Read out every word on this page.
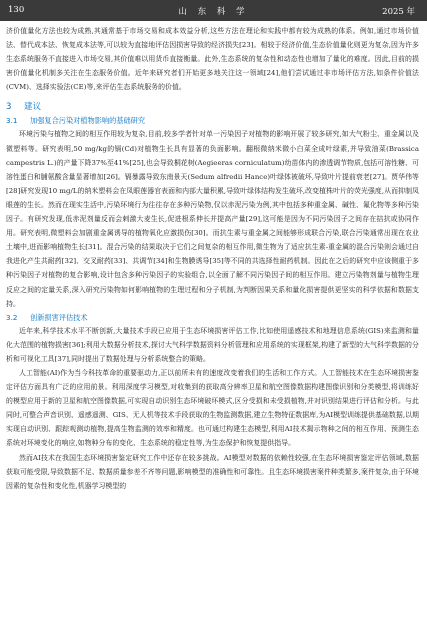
130	山 东 科 学	2025 年

济价值量化方法也较为成熟,其通常基于市场交易和成本效益分析,这些方法在理论和实践中都有较为成熟的体系。例如,通过市场价值法、替代成本法、恢复成本法等,可以较为直接地评估因损害导致的经济损失[23]。相较于经济价值,生态价值量化则更为复杂,因为许多生态系统服务不直接进入市场交易,其价值难以用货币直接衡量。此外,生态系统的复杂性和动态性也增加了量化的难度。因此,目前的损害价值量化机制多关注在生态服务价值。近年来研究者们开始更多地关注这一领域[24],他们尝试通过非市场评估方法,如条件价值法(CVM)、选择实验法(CE)等,来评估生态系统服务的价值。

3 建议
3.1 加强复合污染对植物影响的基础研究

环境污染与植物之间的相互作用较为复杂,目前,较多学者针对单一污染因子对植物的影响开展了较多研究,如大气粉尘、重金属以及微塑料等。研究表明,50 mg/kg的镉(Cd)对植物生长具有显著的负面影响。翻根微纳米微小白菜全成叶绿素,并导致油菜(Brassica campestris L.)的产量下降37%至41%[25],也会导致桐花树(Aegieeras corniculatum)幼苗体内的渗透调节物质,包括可溶性糖、可溶性蛋白和脯氨酸含量显著增加[26]。镉暴露导致东南景天(Sedum alfredii Hance)叶绿体被破坏,导致叶片提前衰老[27]。贾华伟等[28]研究发现10 mg/L的纳米塑料会在凤眼莲器官表面和内部大量积累,导致叶绿体结构发生破坏,改变植株叶片的荧光强度,从而抑制凤眼莲的生长。然而在现实生活中,污染环境行为往往存在多种污染物,仅以赤泥污染为例,其中包括多种重金属、碱性、氟化物等多种污染因子。有研究发现,低赤泥剂量反而会刺激大麦生长,促进根系伸长并提高产量[29],这可能是因为不同污染因子之间存在拮抗或协同作用。研究表明,微塑料会加剧重金属诱导的植物氧化应激损伤[30]。而抗生素与重金属之间能够形成联合污染,联合污染通常出现在农业土壤中,进而影响植物生长[31]。混合污染的结果取决于它们之间复杂的相互作用,微生物为了适应抗生素-重金属的混合污染则会通过自我进化产生共耐药[32]、交叉耐药[33]、共调节[34]和生物膜诱导[35]等不同的共选择性耐药机制。因此在之后的研究中应该侧重于多种污染因子对植物的复合影响,设计包含多种污染因子的实验组合,以全面了解不同污染因子间的相互作用。建立污染物剂量与植物生理反应之间的定量关系,深入研究污染物如何影响植物的生理过程和分子机制,为判断因果关系和量化损害提供更坚实的科学依据和数据支持。

3.2 创新损害评估技术

近年来,科学技术水平不断创新,大量技术手段已应用于生态环境损害评估工作,比如使用遥感技术和地理信息系统(GIS)来监测和量化大范围的植物损害[36];利用大数据分析技术,探讨大气科学数据资料分析管理和应用系统的实现框架,构建了新型的大气科学数据的分析和可视化工具[37],同时提出了数据处理与分析系统整合的策略。

人工智能(AI)作为当今科技革命的重要驱动力,正以前所未有的速度改变着我们的生活和工作方式。人工智能技术在生态环境损害鉴定评估方面具有广泛的应用前景。利用深度学习模型,对收集到的获取高分辨率卫星和航空图像数据构建图像识别和分类模型,将训练好的模型应用于新的卫星和航空图像数据,可实现自动识别生态环境破坏模式,区分受损和未受损植物,并对识别结果进行评估和分析。与此同时,可整合声音识别、遥感遥测、GIS、无人机等技术手段获取的生物监测数据,建立生物特征数据库,为AI模型训练提供基础数据,以期实现自动识别、跟踪观测动植物,提高生物监测的效率和精度。也可通过构建生态模型,利用AI技术揭示物种之间的相互作用、预测生态系统对环境变化的响应,如物种分布的变化、生态系统的稳定性等,为生态保护和恢复提供指导。

然而AI技术在我国生态环境损害鉴定研究工作中还存在较多挑战。AI模型对数据的依赖性较强,在生态环境损害鉴定评估领域,数据获取可能受限,导致数据不足、数据质量参差不齐等问题,影响模型的准确性和可靠性。且生态环境损害案件种类繁多,案件复杂,由于环境因素的复杂性和变化性,机器学习模型的
